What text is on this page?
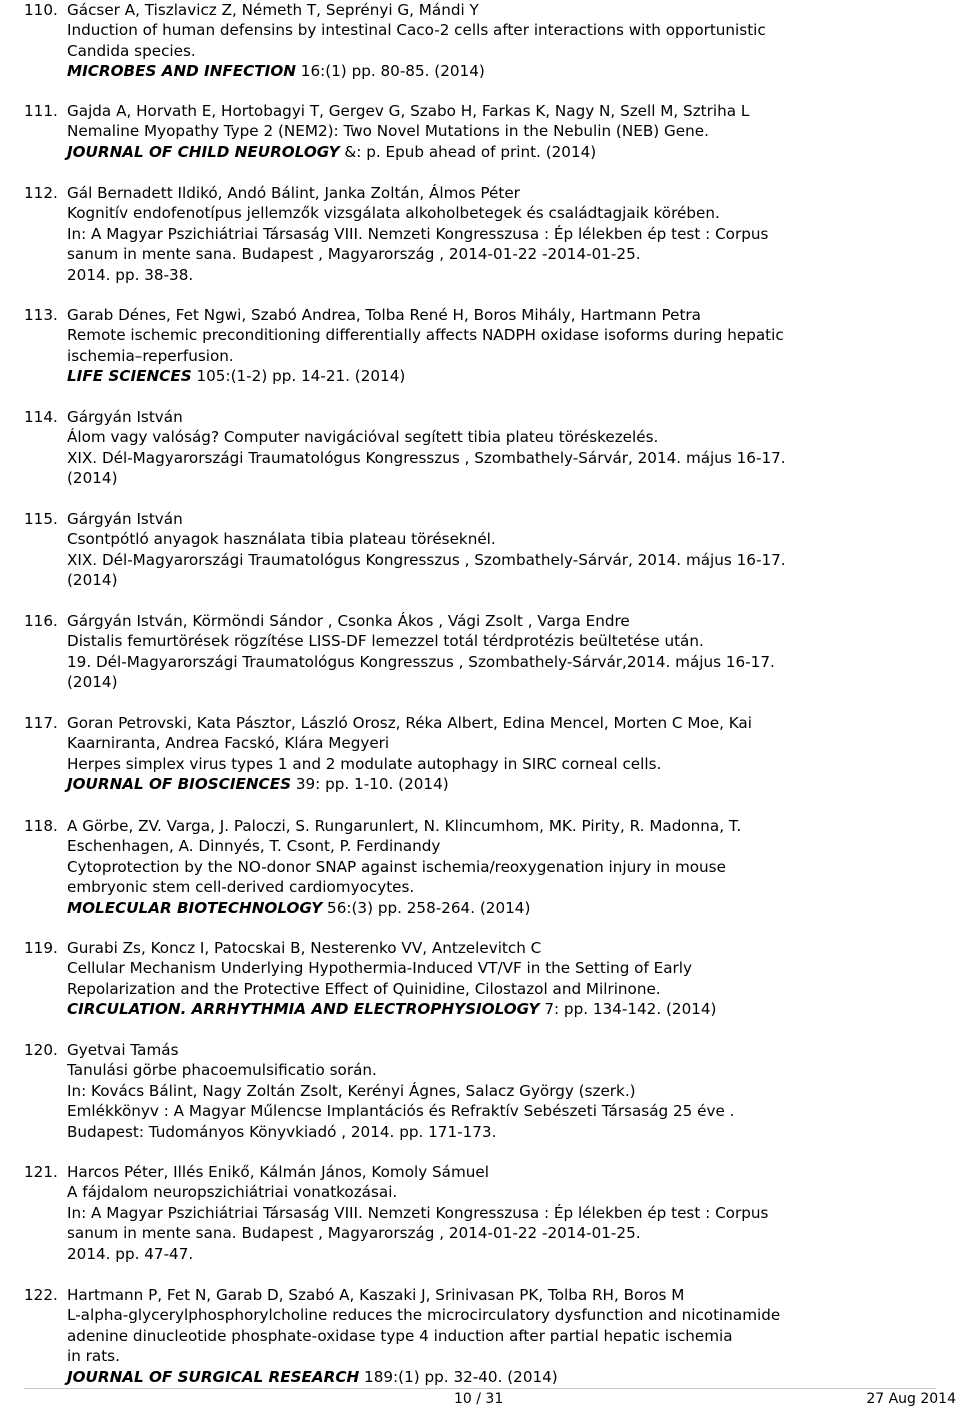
110. Gácser A, Tiszlavicz Z, Németh T, Seprényi G, Mándi Y
Induction of human defensins by intestinal Caco-2 cells after interactions with opportunistic
Candida species.
MICROBES AND INFECTION 16:(1) pp. 80-85. (2014)
111. Gajda A, Horvath E, Hortobagyi T, Gergev G, Szabo H, Farkas K, Nagy N, Szell M, Sztriha L
Nemaline Myopathy Type 2 (NEM2): Two Novel Mutations in the Nebulin (NEB) Gene.
JOURNAL OF CHILD NEUROLOGY &: p. Epub ahead of print. (2014)
112. Gál Bernadett Ildikó, Andó Bálint, Janka Zoltán, Álmos Péter
Kognitív endofenotípus jellemzők vizsgálata alkoholbetegek és családtagjaik körében.
In: A Magyar Pszichiátriai Társaság VIII. Nemzeti Kongresszusa : Ép lélekben ép test : Corpus
sanum in mente sana. Budapest , Magyarország , 2014-01-22 -2014-01-25.
2014. pp. 38-38.
113. Garab Dénes, Fet Ngwi, Szabó Andrea, Tolba René H, Boros Mihály, Hartmann Petra
Remote ischemic preconditioning differentially affects NADPH oxidase isoforms during hepatic
ischemia–reperfusion.
LIFE SCIENCES 105:(1-2) pp. 14-21. (2014)
114. Gárgyán István
Álom vagy valóság? Computer navigációval segített tibia plateu töréskezelés.
XIX. Dél-Magyarországi Traumatológus Kongresszus , Szombathely-Sárvár, 2014. május 16-17.
(2014)
115. Gárgyán István
Csontpótló anyagok használata tibia plateau töréseknél.
XIX. Dél-Magyarországi Traumatológus Kongresszus , Szombathely-Sárvár, 2014. május 16-17.
(2014)
116. Gárgyán István, Körmöndi Sándor , Csonka Ákos , Vági Zsolt , Varga Endre
Distalis femurtörések rögzítése LISS-DF lemezzel totál térdprotézis beültetése után.
19. Dél-Magyarországi Traumatológus Kongresszus , Szombathely-Sárvár,2014. május 16-17.
(2014)
117. Goran Petrovski, Kata Pásztor, László Orosz, Réka Albert, Edina Mencel, Morten C Moe, Kai
Kaarniranta, Andrea Facskó, Klára Megyeri
Herpes simplex virus types 1 and 2 modulate autophagy in SIRC corneal cells.
JOURNAL OF BIOSCIENCES 39: pp. 1-10. (2014)
118. A Görbe, ZV. Varga, J. Paloczi, S. Rungarunlert, N. Klincumhom, MK. Pirity, R. Madonna, T.
Eschenhagen, A. Dinnyés, T. Csont, P. Ferdinandy
Cytoprotection by the NO-donor SNAP against ischemia/reoxygenation injury in mouse
embryonic stem cell-derived cardiomyocytes.
MOLECULAR BIOTECHNOLOGY 56:(3) pp. 258-264. (2014)
119. Gurabi Zs, Koncz I, Patocskai B, Nesterenko VV, Antzelevitch C
Cellular Mechanism Underlying Hypothermia-Induced VT/VF in the Setting of Early
Repolarization and the Protective Effect of Quinidine, Cilostazol and Milrinone.
CIRCULATION. ARRHYTHMIA AND ELECTROPHYSIOLOGY 7: pp. 134-142. (2014)
120. Gyetvai Tamás
Tanulási görbe phacoemulsificatio során.
In: Kovács Bálint, Nagy Zoltán Zsolt, Kerényi Ágnes, Salacz György (szerk.)
Emlékkönyv : A Magyar Műlencse Implantációs és Refraktív Sebészeti Társaság 25 éve .
Budapest: Tudományos Könyvkiadó , 2014. pp. 171-173.
121. Harcos Péter, Illés Enikő, Kálmán János, Komoly Sámuel
A fájdalom neuropszichiátriai vonatkozásai.
In: A Magyar Pszichiátriai Társaság VIII. Nemzeti Kongresszusa : Ép lélekben ép test : Corpus
sanum in mente sana. Budapest , Magyarország , 2014-01-22 -2014-01-25.
2014. pp. 47-47.
122. Hartmann P, Fet N, Garab D, Szabó A, Kaszaki J, Srinivasan PK, Tolba RH, Boros M
L-alpha-glycerylphosphorylcholine reduces the microcirculatory dysfunction and nicotinamide
adenine dinucleotide phosphate-oxidase type 4 induction after partial hepatic ischemia
in rats.
JOURNAL OF SURGICAL RESEARCH 189:(1) pp. 32-40. (2014)
10 / 31	27 Aug 2014
